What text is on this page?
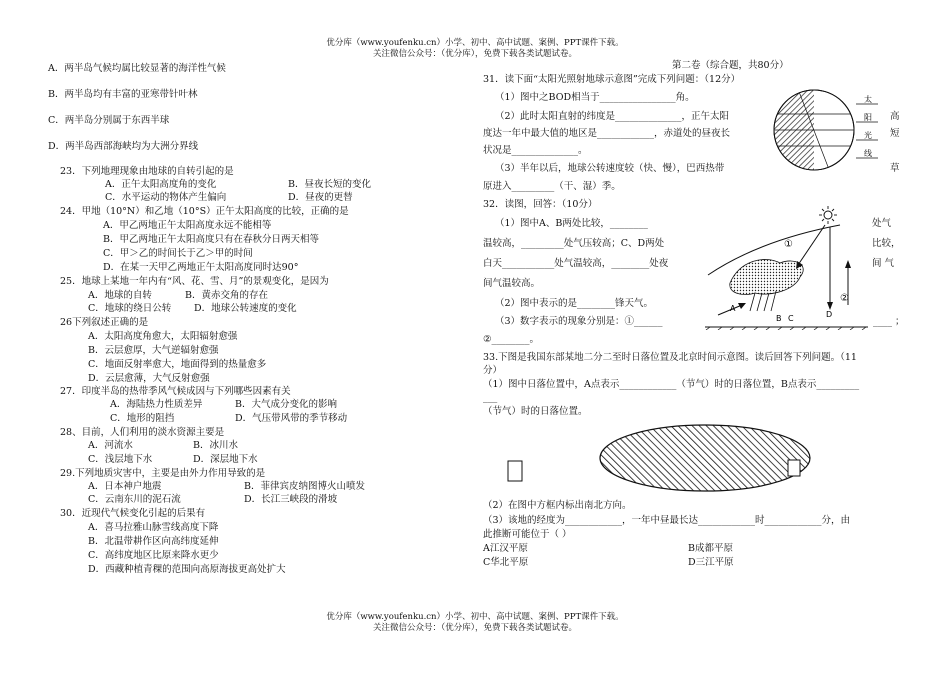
优分库（www.youfenku.cn）小学、初中、高中试题、案例、PPT课件下载。
关注微信公众号：（优分库），免费下载各类试题试卷。
优分库（www.youfenku.cn）小学、初中、高中试题、案例、PPT课件下载。
关注微信公众号：（优分库），免费下载各类试题试卷。
A．两半岛气候均属比较显著的海洋性气候
B．两半岛均有丰富的亚寒带针叶林
C．两半岛分别属于东西半球
D．两半岛西部海峡均为大洲分界线
23．下列地理现象由地球的自转引起的是
A．正午太阳高度角的变化	B．昼夜长短的变化
C．水平运动的物体产生偏向	D．昼夜的更替
24．甲地（10°N）和乙地（10°S）正午太阳高度的比较，正确的是
A．甲乙两地正午太阳高度永远不能相等
B．甲乙两地正午太阳高度只有在春秋分日两天相等
C．甲＞乙的时间长于乙＞甲的时间
D．在某一天甲乙两地正午太阳高度同时达90°
25．地球上某地一年内有“风、花、雪、月”的景观变化，是因为
A．地球的自转	B．黄赤交角的存在
C．地球的绕日公转 D．地球公转速度的变化
26下列叙述正确的是
A．太阳高度角愈大，太阳辐射愈强
B．云层愈厚，大气逆辐射愈强
C．地面反射率愈大，地面得到的热量愈多
D．云层愈薄，大气反射愈强
27．印度半岛的热带季风气候成因与下列哪些因素有关
A．海陆热力性质差异	B．大气成分变化的影响
C．地形的阻挡	D．气压带风带的季节移动
28、目前，人们利用的淡水资源主要是
A．河流水	B．冰川水
C．浅层地下水	D．深层地下水
29.下列地质灾害中，主要是由外力作用导致的是
A．日本神户地震	B．菲律宾皮纳图博火山喷发
C．云南东川的泥石流	D．长江三峡段的滑坡
30．近现代气候变化引起的后果有
A．喜马拉雅山脉雪线高度下降
B．北温带耕作区向高纬度延伸
C．高纬度地区比原来降水更少
D．西藏种植青稞的范围向高原海拔更高处扩大
第二卷（综合题，共80分）
31．读下面“太阳光照射地球示意图”完成下列问题：（12分）
（1）图中之BOD相当于________________角。
（2）此时太阳直射的纬度是______________，正午太阳
度达一年中最大值的地区是____________，赤道处的昼夜长
状况是______________。
高
短
（3）半年以后，地球公转速度较（快、慢），巴西热带	草
原进入_________（干、湿）季。
太
阳
光
线
32．读图，回答：（10分）
（1）图中A、B两处比较，________
温较高，_________处气压较高；C、D两处
白天___________处气温较高，________处夜
间气温较高。
处气
比较，
间 气
（2）图中表示的是________锋天气。
（3）数字表示的现象分别是：①______	____ ；
②________。
①
②
A
B C	D
33.下图是我国东部某地二分二至时日落位置及北京时间示意图。读后回答下列问题。（11
分）
（1）图中日落位置中，A点表示____________（节气）时的日落位置，B点表示_________
___
（节气）时的日落位置。
（2）在图中方框内标出南北方向。
（3）该地的经度为____________，一年中昼最长达____________时____________分，由
此推断可能位于（ ）
A江汉平原	B成都平原
C华北平原	D三江平原
